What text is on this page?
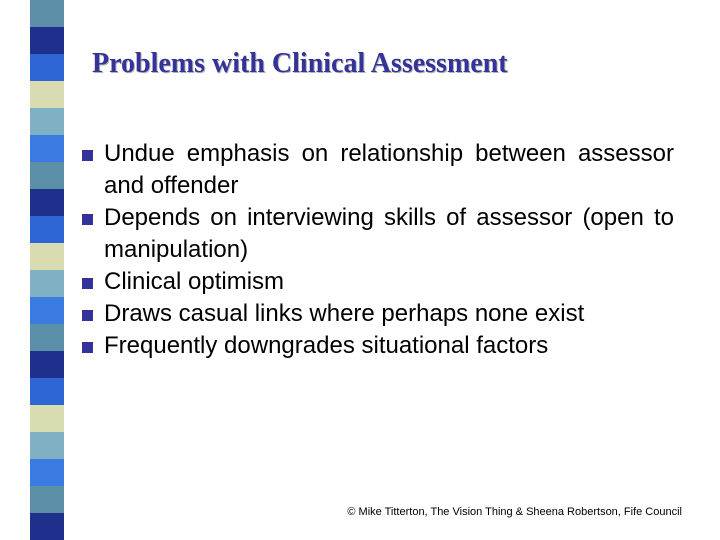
Problems with Clinical Assessment
Undue emphasis on relationship between assessor and offender
Depends on interviewing skills of assessor (open to manipulation)
Clinical optimism
Draws casual links where perhaps none exist
Frequently downgrades situational factors
© Mike Titterton, The Vision Thing & Sheena Robertson, Fife Council
